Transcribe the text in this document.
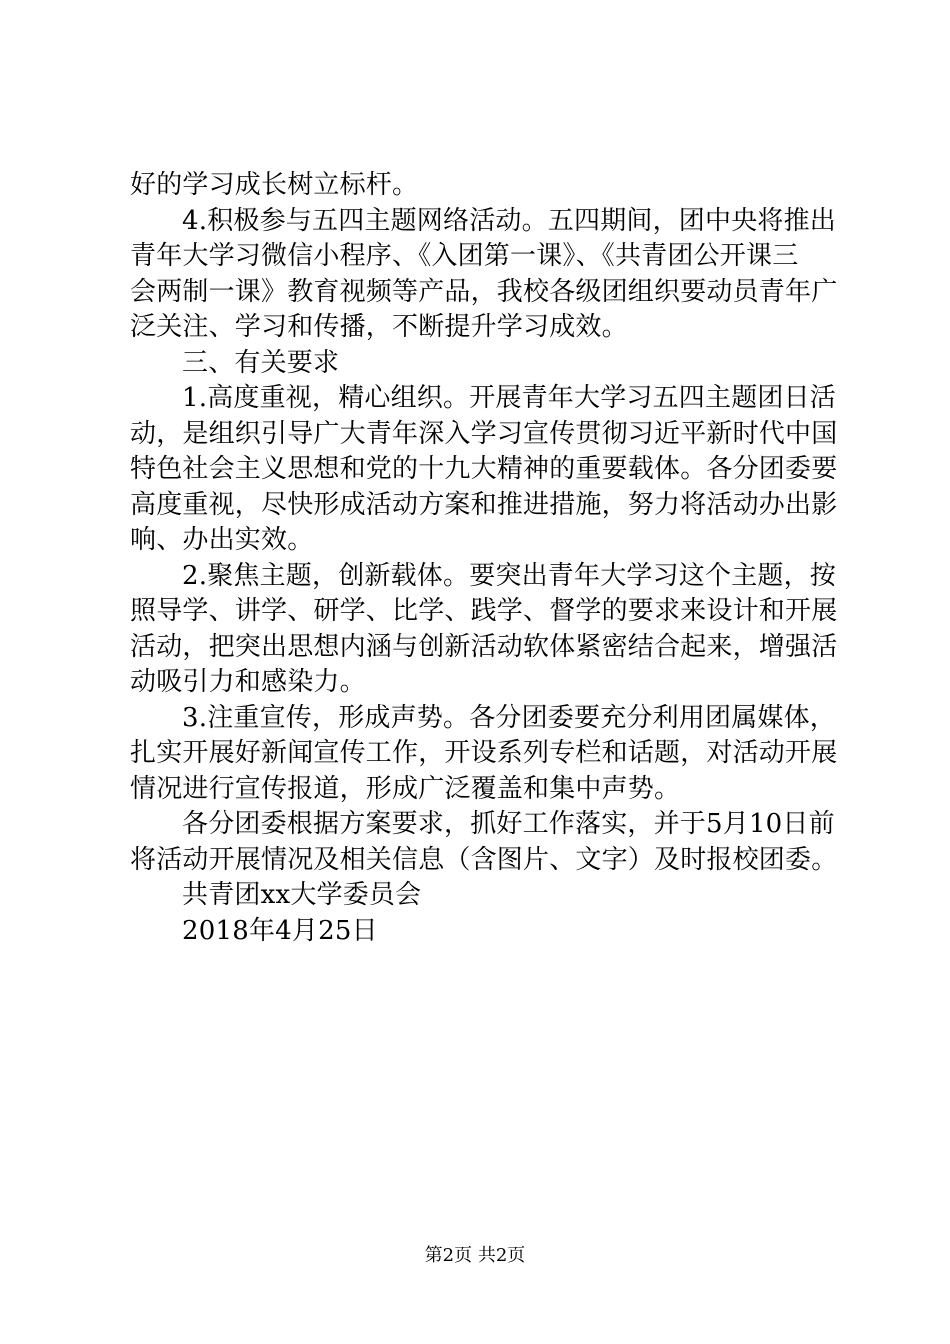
好的学习成长树立标杆。
4.积极参与五四主题网络活动。五四期间，团中央将推出
青年大学习微信小程序、《入团第一课》、《共青团公开课三
会两制一课》教育视频等产品，我校各级团组织要动员青年广
泛关注、学习和传播，不断提升学习成效。
三、有关要求
1.高度重视，精心组织。开展青年大学习五四主题团日活
动，是组织引导广大青年深入学习宣传贯彻习近平新时代中国
特色社会主义思想和党的十九大精神的重要载体。各分团委要
高度重视，尽快形成活动方案和推进措施，努力将活动办出影
响、办出实效。
2.聚焦主题，创新载体。要突出青年大学习这个主题，按
照导学、讲学、研学、比学、践学、督学的要求来设计和开展
活动，把突出思想内涵与创新活动软体紧密结合起来，增强活
动吸引力和感染力。
3.注重宣传，形成声势。各分团委要充分利用团属媒体，
扎实开展好新闻宣传工作，开设系列专栏和话题，对活动开展
情况进行宣传报道，形成广泛覆盖和集中声势。
各分团委根据方案要求，抓好工作落实，并于5月10日前
将活动开展情况及相关信息（含图片、文字）及时报校团委。
共青团xx大学委员会
2018年4月25日
第2页 共2页
